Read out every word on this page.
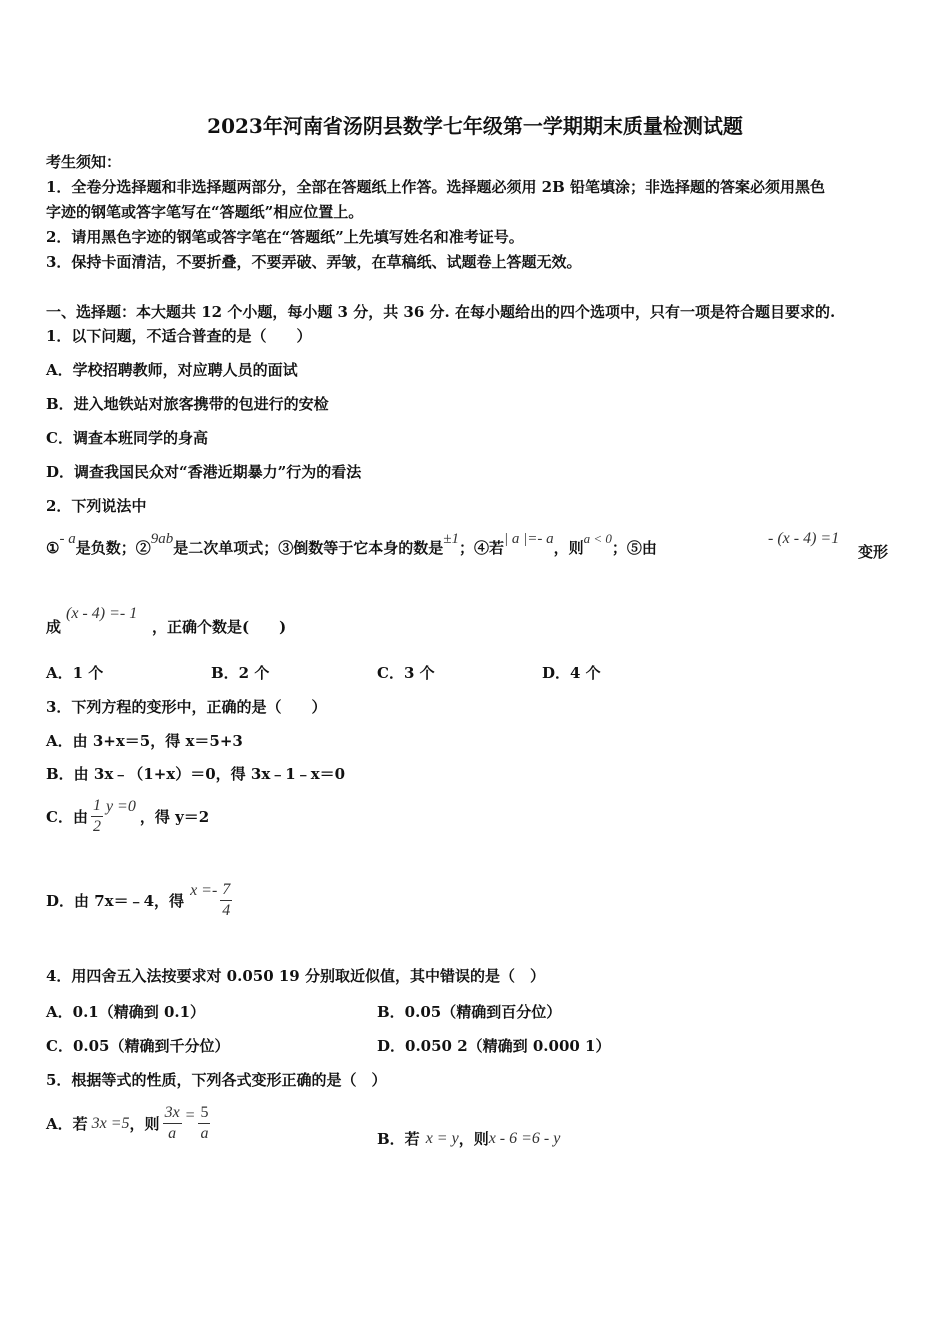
2023年河南省汤阴县数学七年级第一学期期末质量检测试题
考生须知：
1．全卷分选择题和非选择题两部分，全部在答题纸上作答。选择题必须用 2B 铅笔填涂；非选择题的答案必须用黑色
字迹的钢笔或答字笔写在“答题纸”相应位置上。
2．请用黑色字迹的钢笔或答字笔在“答题纸”上先填写姓名和准考证号。
3．保持卡面清洁，不要折叠，不要弄破、弄皱，在草稿纸、试题卷上答题无效。
一、选择题：本大题共 12 个小题，每小题 3 分，共 36 分. 在每小题给出的四个选项中，只有一项是符合题目要求的.
1．以下问题，不适合普查的是（　　）
A．学校招聘教师，对应聘人员的面试
B．进入地铁站对旅客携带的包进行的安检
C．调查本班同学的身高
D．调查我国民众对“香港近期暴力”行为的看法
2．下列说法中
①- a是负数；②9ab是二次单项式；③倒数等于它本身的数是±1；④若| a |=- a，则a < 0；⑤由
- (x - 4) =1
变形
成
(x - 4) =- 1
，正确个数是(　　)
A．1 个	B．2 个	C．3 个	D．4 个
3．下列方程的变形中，正确的是（　　）
A．由 3+x＝5，得 x＝5+3
B．由 3x﹣（1+x）＝0，得 3x﹣1﹣x＝0
C．由 $\frac{1}{2}$ y =0
，得 y＝2
D．由 7x＝﹣4，得
$x =- \frac{7}{4}$
4．用四舍五入法按要求对 0.050 19 分别取近似值，其中错误的是（　）
A．0.1（精确到 0.1）	B．0.05（精确到百分位）
C．0.05（精确到千分位）	D．0.050 2（精确到 0.000 1）
5．根据等式的性质，下列各式变形正确的是（　）
A．若 3x =5 ，则 $\frac{3x}{a} = \frac{5}{a}$	B．若 x = y ，则 x - 6 =6 - y
